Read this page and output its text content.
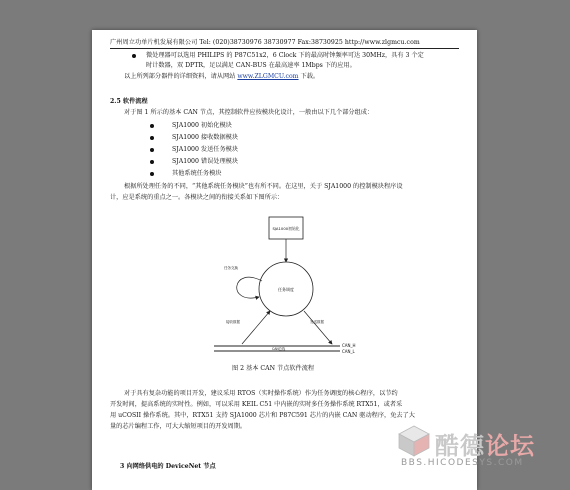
广州周立功单片机发展有限公司 Tel: (020)38730976 38730977 Fax:38730925 http://www.zlgmcu.com
微处理器可以选用 PHILIPS 的 P87C51x2，6 Clock 下的最高时钟频率可达 30MHz，具有 3 个定
时计数器，双 DPTR，足以满足 CAN-BUS 在最高速率 1Mbps 下的应用。
以上所列部分器件的详细资料，请从网站 www.ZLGMCU.com 下载。
2.5 软件流程
对于图 1 所示的基本 CAN 节点，其控制软件应按模块化设计，一般由以下几个部分组成：
SJA1000 初始化模块
SJA1000 接收数据模块
SJA1000 发送任务模块
SJA1000 错误处理模块
其他系统任务模块
根据所处理任务的不同，“其他系统任务模块”也有所不同。在这里，关于 SJA1000 的控制模块程序设
计，应是系统的重点之一。各模块之间的衔接关系如下图所示：
SJA1000初始化
任务调度
任务交换
接收数据	发送数据
CAN总线
CAN_H
CAN_L
图 2 基本 CAN 节点软件流程
对于具有复杂功能的项目开发，建议采用 RTOS（实时操作系统）作为任务调度的核心程序，以节约
开发时间，提高系统的实时性。例如，可以采用 KEIL C51 中内嵌的实时多任务操作系统 RTX51，或者采
用 uCOSII 操作系统。其中，RTX51 支持 SJA1000 芯片和 P87C591 芯片的内嵌 CAN 驱动程序，免去了大
量的芯片编程工作，可大大缩短项目的开发周期。
3 向网络供电的 DeviceNet 节点
酷德论坛
BBS.HICODESYS.COM
